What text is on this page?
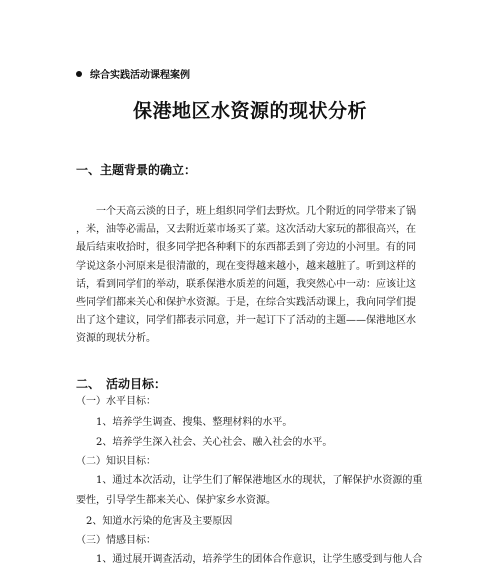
综合实践活动课程案例
保港地区水资源的现状分析
一、主题背景的确立：
一个天高云淡的日子，班上组织同学们去野炊。几个附近的同学带来了锅
，米，油等必需品，又去附近菜市场买了菜。这次活动大家玩的都很高兴，在
最后结束收拾时，很多同学把各种剩下的东西都丢到了旁边的小河里。有的同
学说这条小河原来是很清澈的，现在变得越来越小，越来越脏了。听到这样的
话，看到同学们的举动，联系保港水质差的问题，我突然心中一动：应该让这
些同学们都来关心和保护水资源。于是，在综合实践活动课上，我向同学们提
出了这个建议，同学们都表示同意，并一起订下了活动的主题——保港地区水
资源的现状分析。
二、　活动目标：
（一）水平目标：
1、培养学生调查、搜集、整理材料的水平。
2、培养学生深入社会、关心社会、融入社会的水平。
（二）知识目标：
1、通过本次活动，让学生们了解保港地区水的现状，了解保护水资源的重
要性，引导学生都来关心、保护家乡水资源。
2、知道水污染的危害及主要原因
（三）情感目标：
1、通过展开调查活动，培养学生的团体合作意识，让学生感受到与他人合
